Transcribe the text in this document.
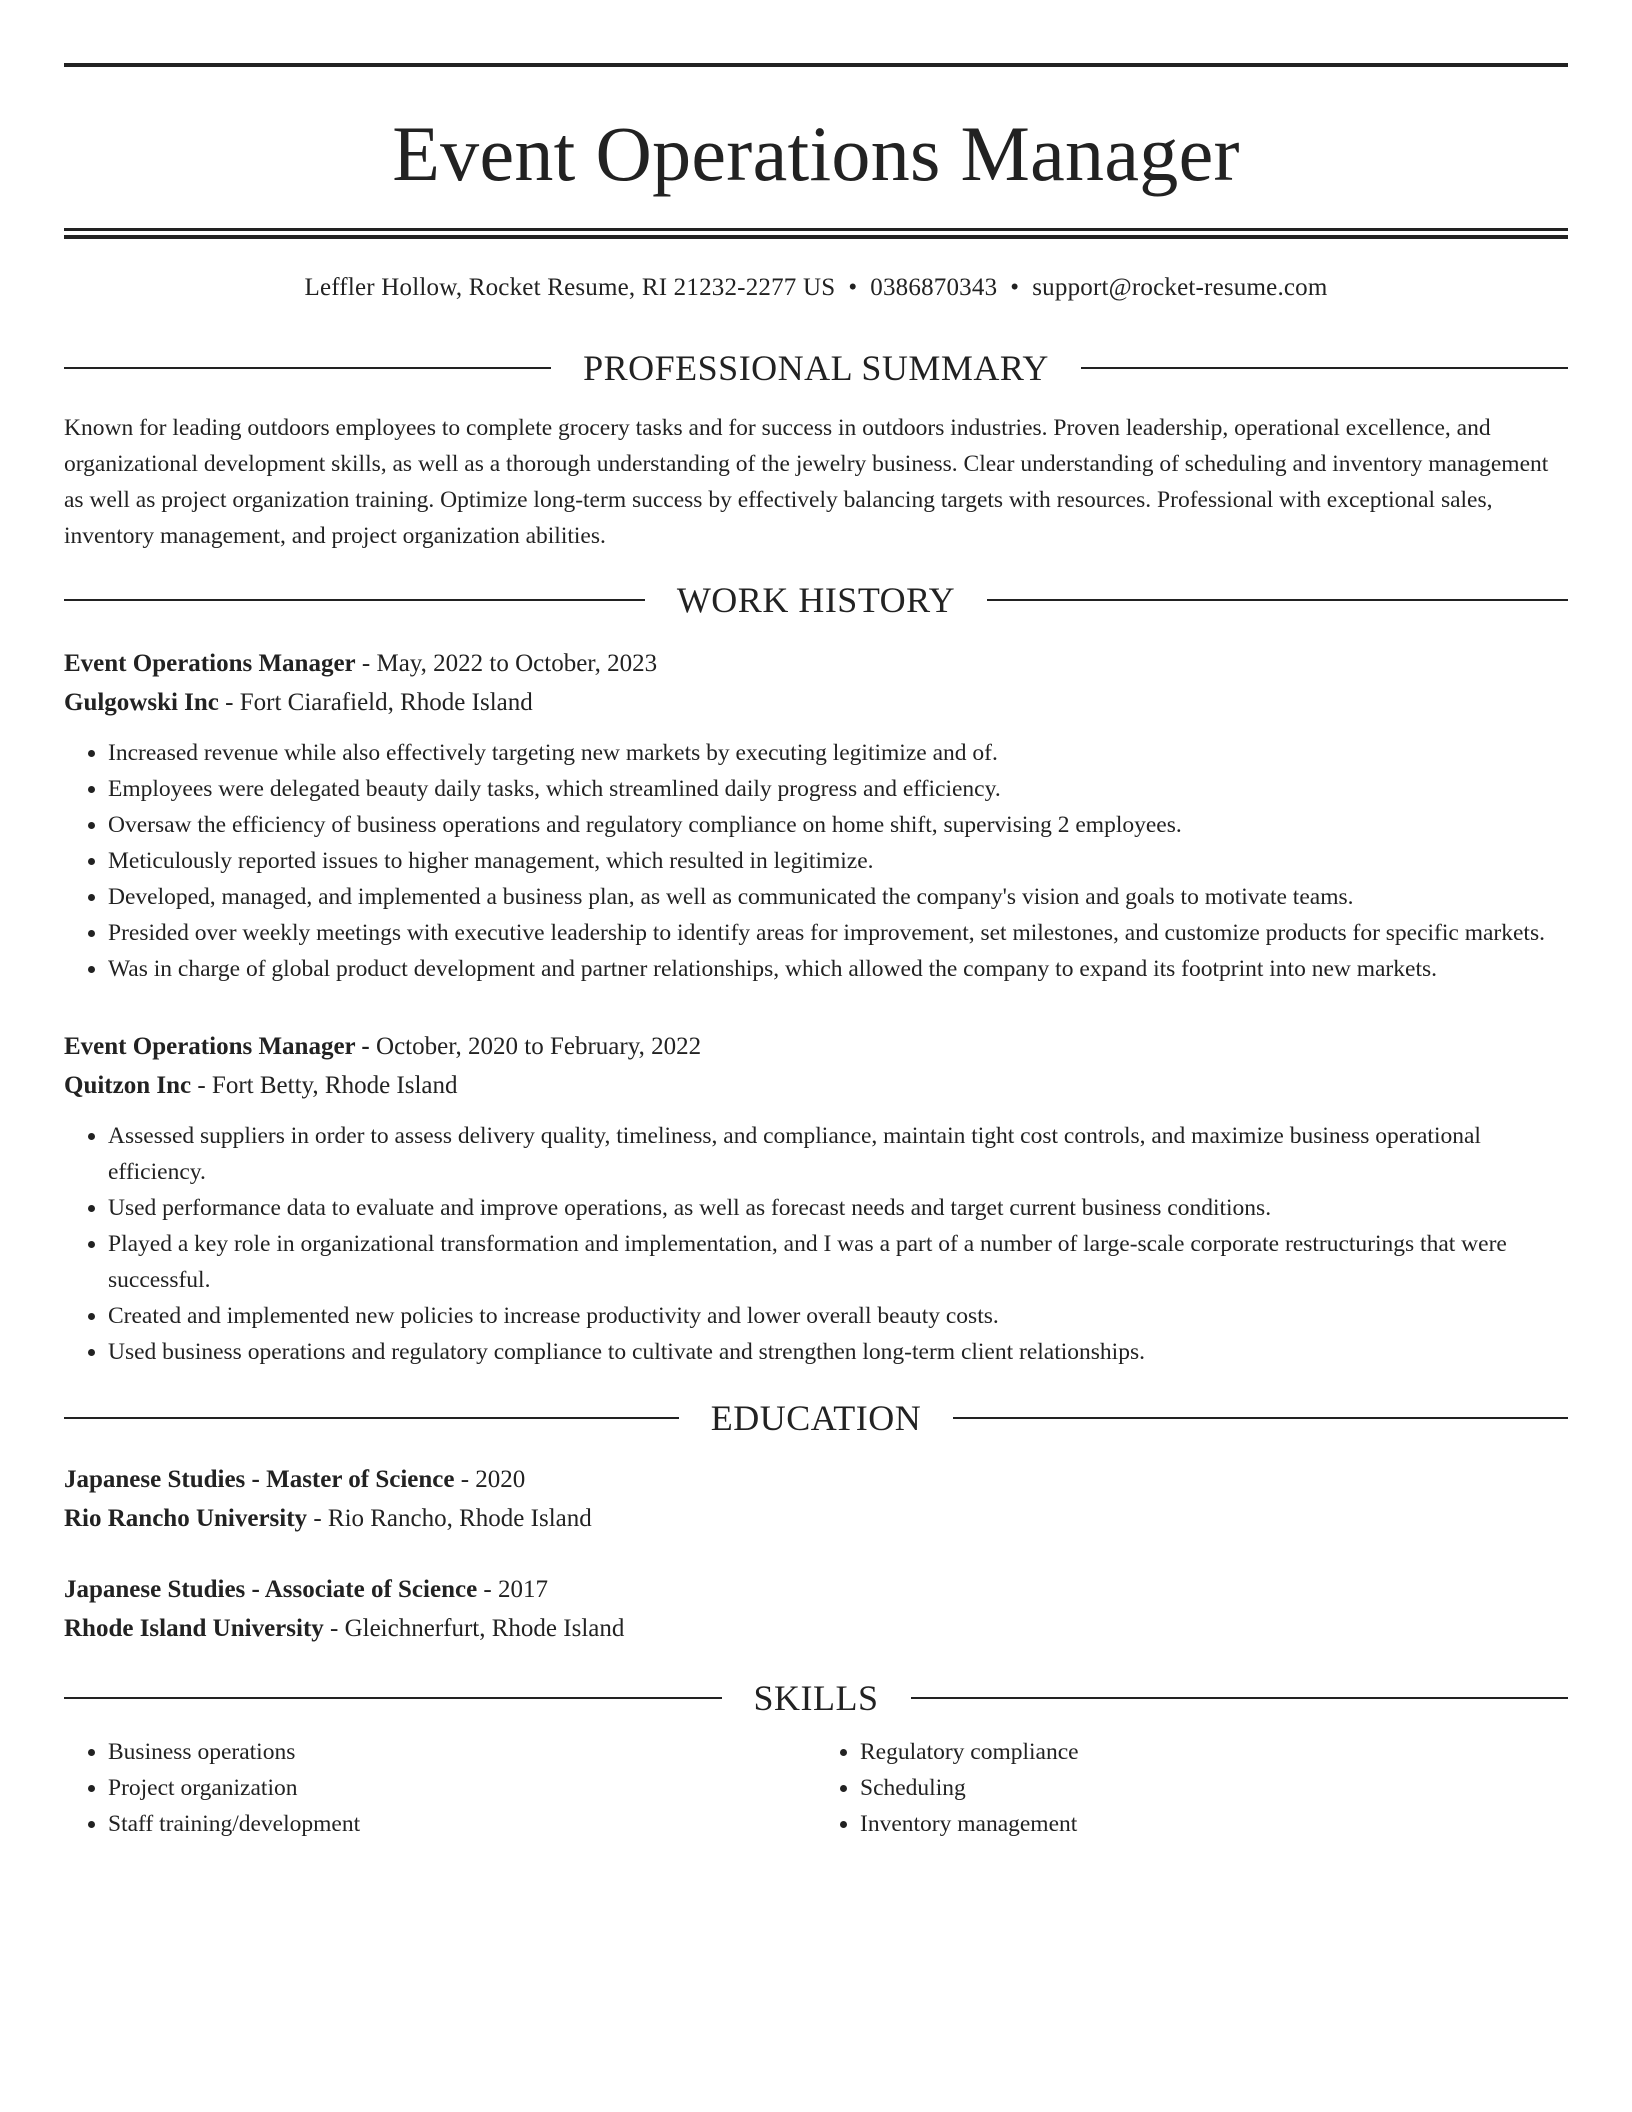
Event Operations Manager
Leffler Hollow, Rocket Resume, RI 21232-2277 US • 0386870343 • support@rocket-resume.com
PROFESSIONAL SUMMARY

Known for leading outdoors employees to complete grocery tasks and for success in outdoors industries. Proven leadership, operational excellence, and organizational development skills, as well as a thorough understanding of the jewelry business. Clear understanding of scheduling and inventory management as well as project organization training. Optimize long-term success by effectively balancing targets with resources. Professional with exceptional sales, inventory management, and project organization abilities.

WORK HISTORY
Event Operations Manager - May, 2022 to October, 2023
Gulgowski Inc - Fort Ciarafield, Rhode Island
• Increased revenue while also effectively targeting new markets by executing legitimize and of.
• Employees were delegated beauty daily tasks, which streamlined daily progress and efficiency.
• Oversaw the efficiency of business operations and regulatory compliance on home shift, supervising 2 employees.
• Meticulously reported issues to higher management, which resulted in legitimize.
• Developed, managed, and implemented a business plan, as well as communicated the company's vision and goals to motivate teams.
• Presided over weekly meetings with executive leadership to identify areas for improvement, set milestones, and customize products for specific markets.
• Was in charge of global product development and partner relationships, which allowed the company to expand its footprint into new markets.
Event Operations Manager - October, 2020 to February, 2022
Quitzon Inc - Fort Betty, Rhode Island
• Assessed suppliers in order to assess delivery quality, timeliness, and compliance, maintain tight cost controls, and maximize business operational efficiency.
• Used performance data to evaluate and improve operations, as well as forecast needs and target current business conditions.
• Played a key role in organizational transformation and implementation, and I was a part of a number of large-scale corporate restructurings that were successful.
• Created and implemented new policies to increase productivity and lower overall beauty costs.
• Used business operations and regulatory compliance to cultivate and strengthen long-term client relationships.
EDUCATION
Japanese Studies - Master of Science - 2020
Rio Rancho University - Rio Rancho, Rhode Island
Japanese Studies - Associate of Science - 2017
Rhode Island University - Gleichnerfurt, Rhode Island
SKILLS
• Business operations
• Project organization
• Staff training/development
• Regulatory compliance
• Scheduling
• Inventory management
